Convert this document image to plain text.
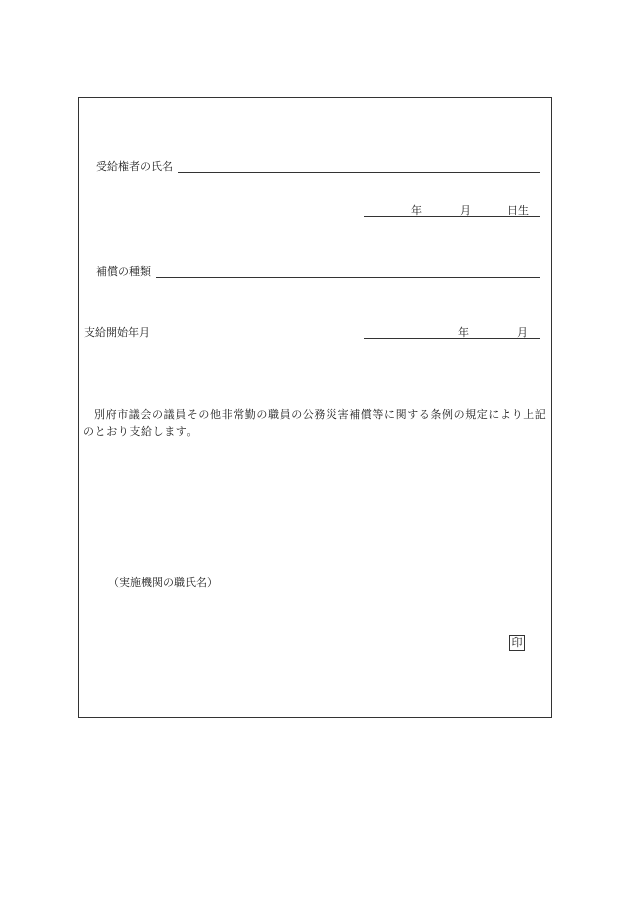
受給権者の氏名
年	月	日生
補償の種類
支給開始年月	年	月
別府市議会の議員その他非常勤の職員の公務災害補償等に関する条例の規定により上記のとおり支給します。
（実施機関の職氏名）
印
